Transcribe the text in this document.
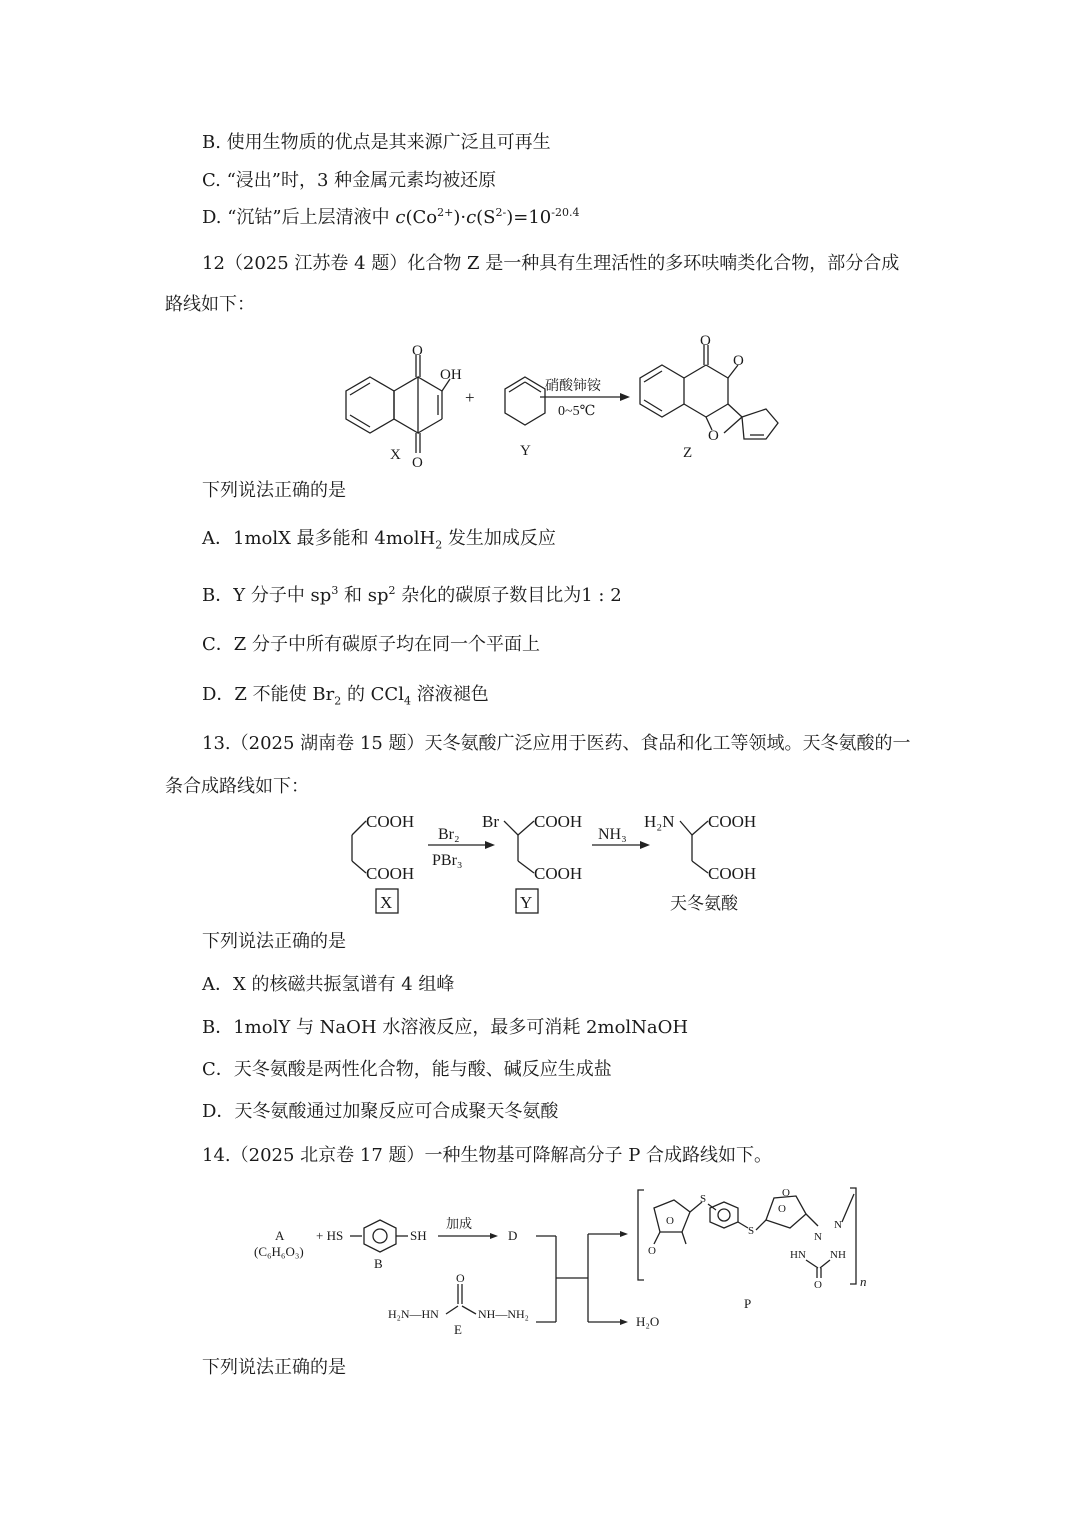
B. 使用生物质的优点是其来源广泛且可再生
C. “浸出”时，3 种金属元素均被还原
D. “沉钴”后上层清液中 $c(Co^{2+})\cdot c(S^{2-})=10^{-20.4}$
12（2025 江苏卷 4 题）化合物 Z 是一种具有生理活性的多环呋喃类化合物，部分合成
路线如下：
O
O
OH
X
+
Y
硝酸铈铵
0~5℃
O
O
O
Z
下列说法正确的是
A．1molX 最多能和 4molH$_2$ 发生加成反应
B．Y 分子中 $sp^3$ 和 $sp^2$ 杂化的碳原子数目比为1 : 2
C．Z 分子中所有碳原子均在同一个平面上
D．Z 不能使 $Br_2$ 的 CCl$_4$ 溶液褪色
13.（2025 湖南卷 15 题）天冬氨酸广泛应用于医药、食品和化工等领域。天冬氨酸的一
条合成路线如下：
COOH
COOH
X
Br₂
PBr₃
Br COOH
COOH
Y
NH₃
H₂N COOH
COOH
天冬氨酸
下列说法正确的是
A．X 的核磁共振氢谱有 4 组峰
B．1molY 与 NaOH 水溶液反应，最多可消耗 2molNaOH
C．天冬氨酸是两性化合物，能与酸、碱反应生成盐
D．天冬氨酸通过加聚反应可合成聚天冬氨酸
14.（2025 北京卷 17 题）一种生物基可降解高分子 P 合成路线如下。
A
(C₆H₆O₃)
+ HS	SH
B
加成
D
O
H₂N—HN	NH—NH₂
E
H₂O
n
O
O
S
S
O
O
N
N
HN NH
O
P
下列说法正确的是
